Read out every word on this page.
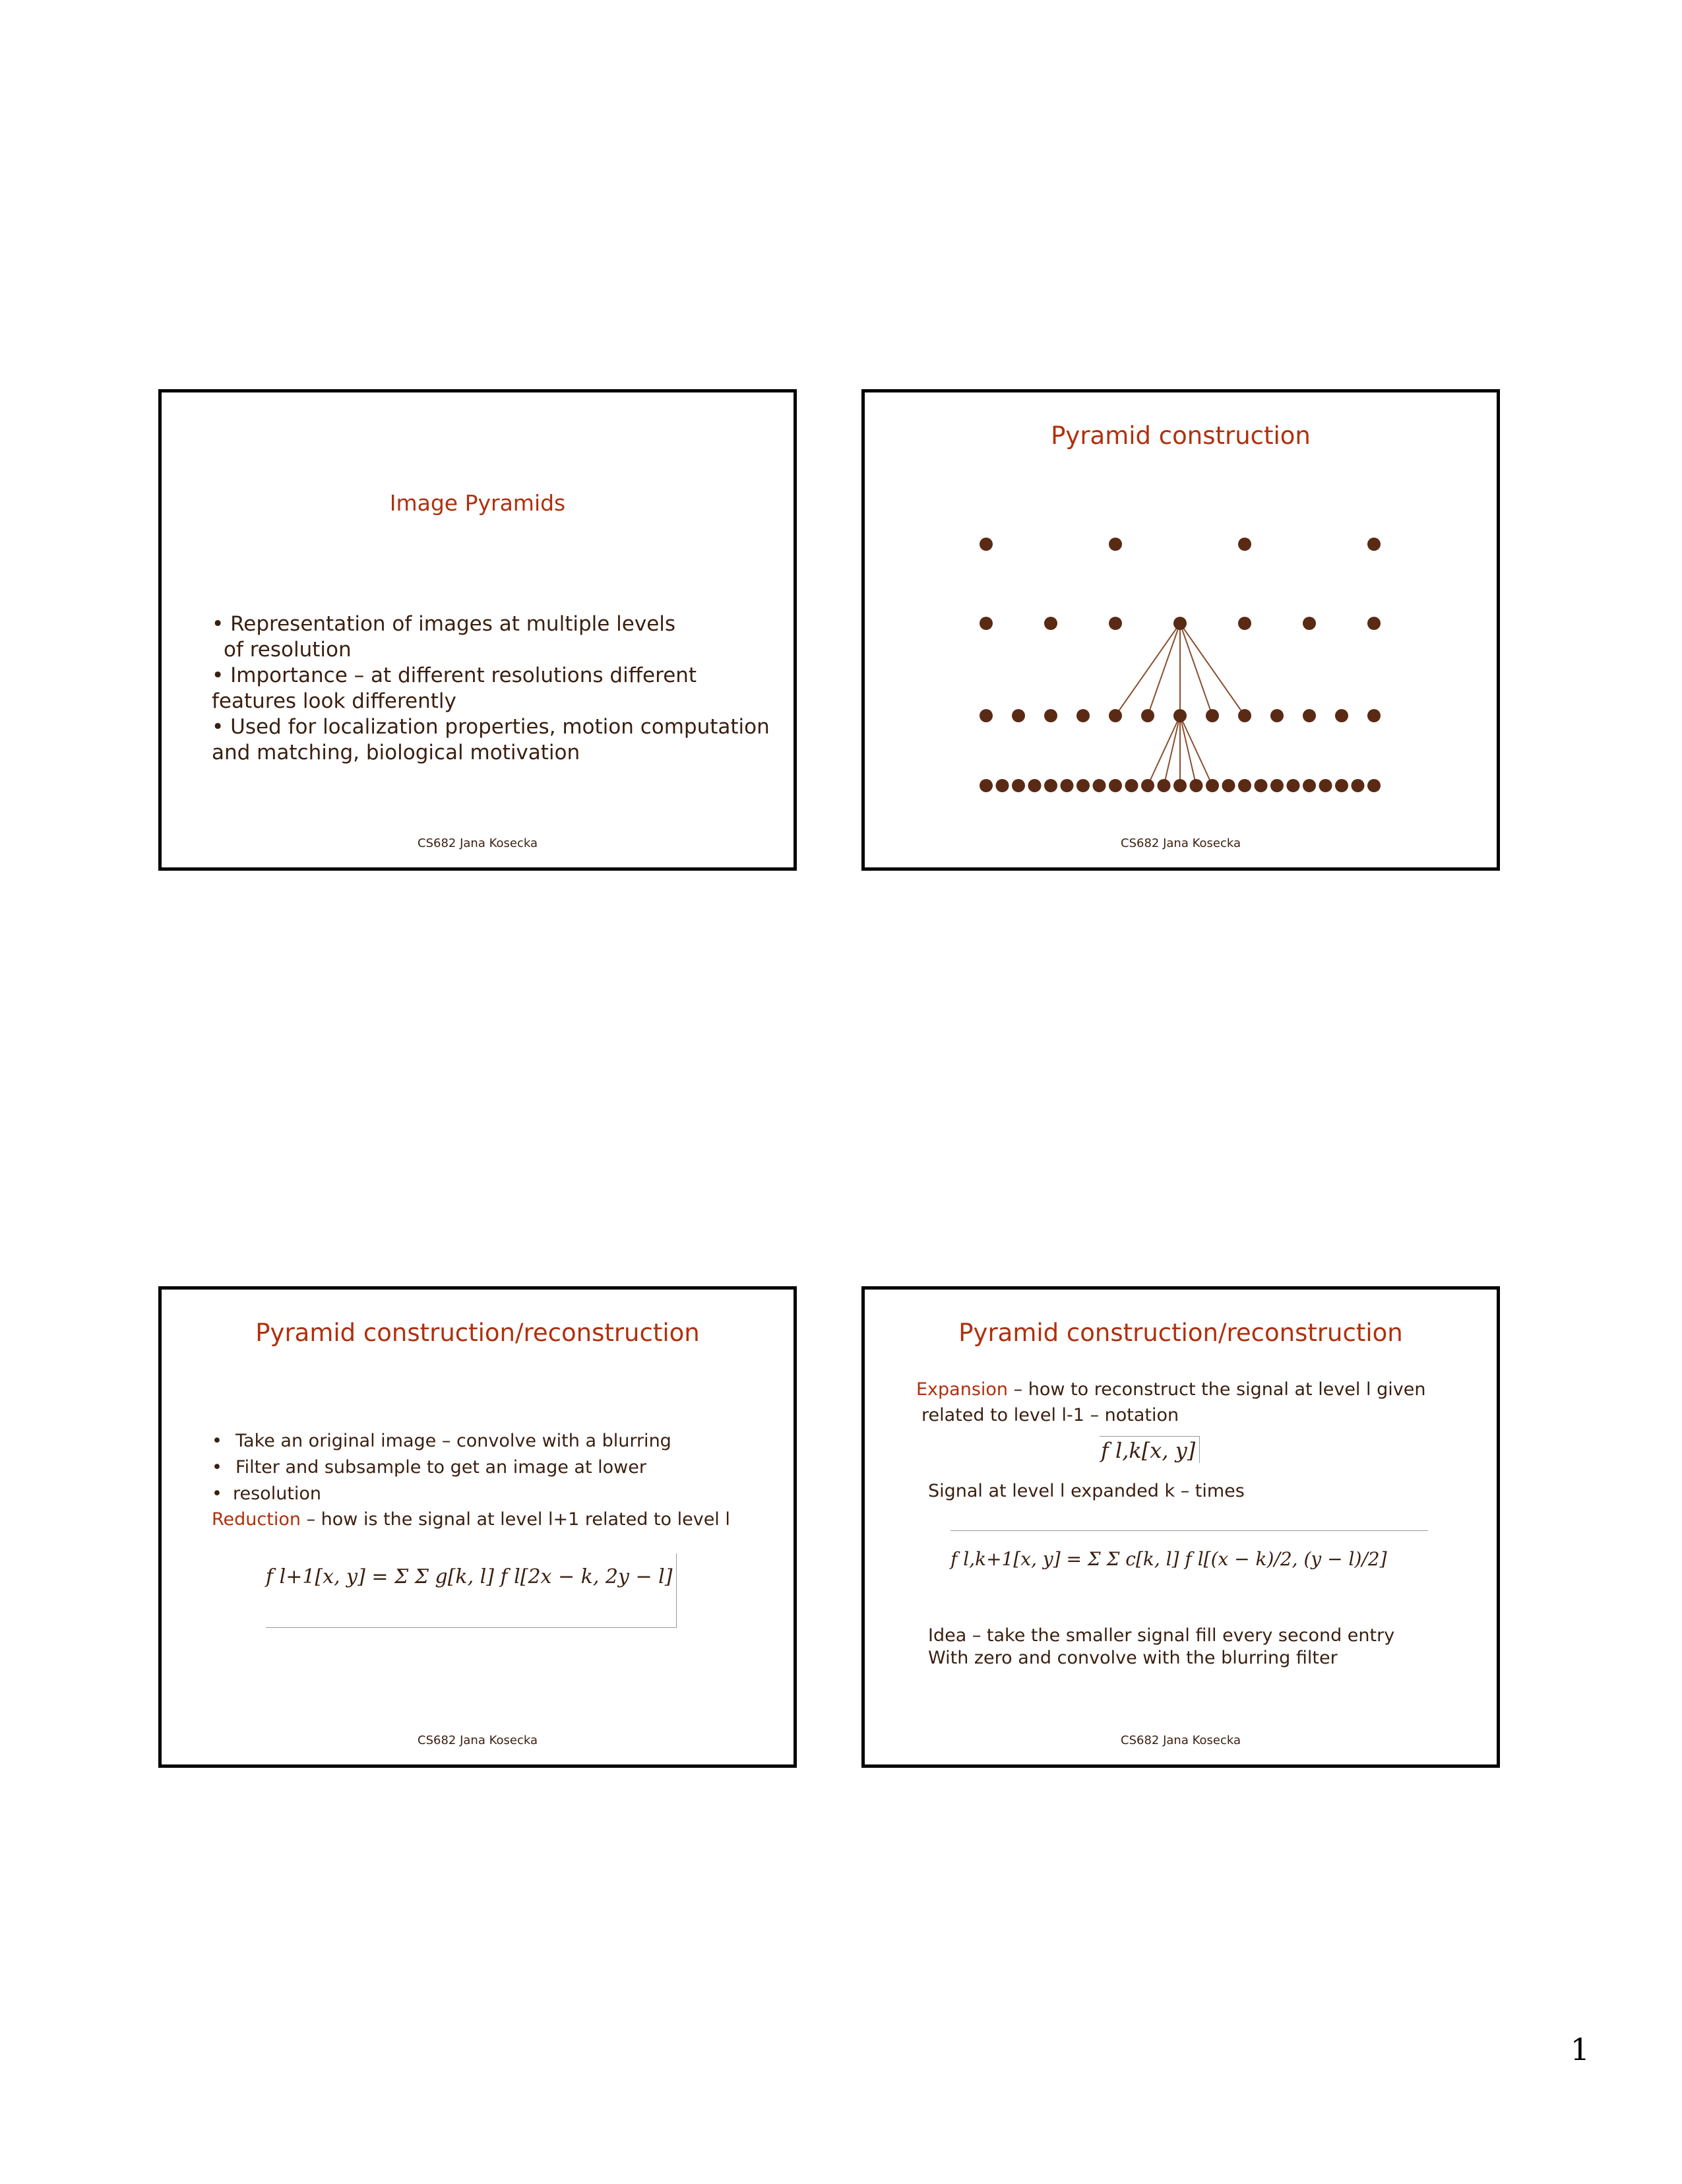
Image Pyramids
• Representation of images at multiple levels
of resolution
• Importance – at different resolutions different
features look differently
• Used for localization properties, motion computation
and matching, biological motivation
CS682 Jana Kosecka
Pyramid construction
CS682 Jana Kosecka
Pyramid construction/reconstruction
• Take an original image – convolve with a blurring
• Filter and subsample to get an image at lower
• resolution
Reduction – how is the signal at level l+1 related to level l
f l+1[x, y] = Σ Σ g[k, l] f l[2x − k, 2y − l]
CS682 Jana Kosecka
Pyramid construction/reconstruction
Expansion – how to reconstruct the signal at level l given
related to level l-1 – notation
f l,k[x, y]
Signal at level l expanded k – times
f l,k+1[x, y] = Σ Σ c[k, l] f l[(x − k)/2, (y − l)/2]
Idea – take the smaller signal fill every second entry
With zero and convolve with the blurring filter
CS682 Jana Kosecka
1
